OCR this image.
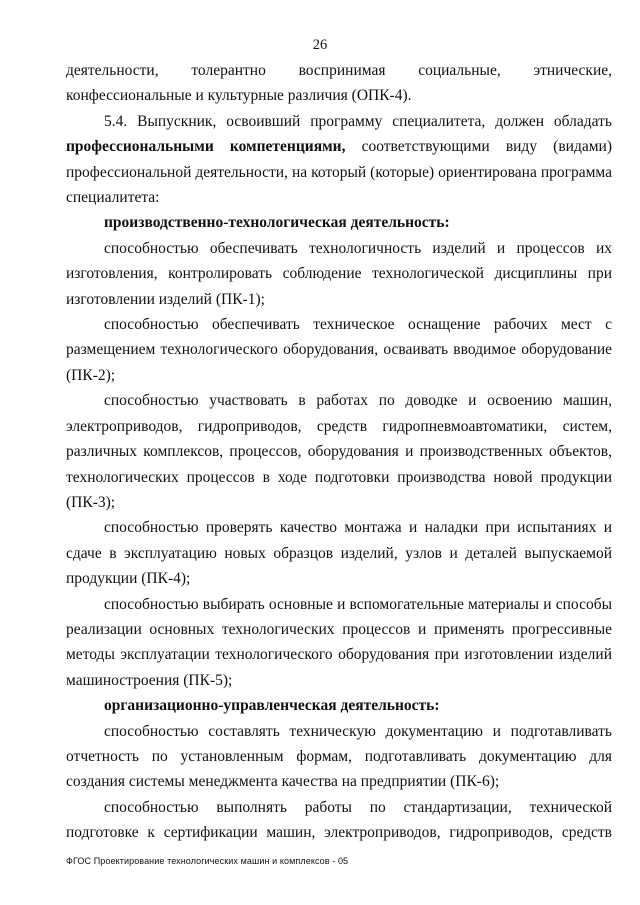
26

деятельности, толерантно воспринимая социальные, этнические, конфессиональные и культурные различия (ОПК-4).

5.4. Выпускник, освоивший программу специалитета, должен обладать профессиональными компетенциями, соответствующими виду (видами) профессиональной деятельности, на который (которые) ориентирована программа специалитета:

производственно-технологическая деятельность:

способностью обеспечивать технологичность изделий и процессов их изготовления, контролировать соблюдение технологической дисциплины при изготовлении изделий (ПК-1);

способностью обеспечивать техническое оснащение рабочих мест с размещением технологического оборудования, осваивать вводимое оборудование (ПК-2);

способностью участвовать в работах по доводке и освоению машин, электроприводов, гидроприводов, средств гидропневмоавтоматики, систем, различных комплексов, процессов, оборудования и производственных объектов, технологических процессов в ходе подготовки производства новой продукции (ПК-3);

способностью проверять качество монтажа и наладки при испытаниях и сдаче в эксплуатацию новых образцов изделий, узлов и деталей выпускаемой продукции (ПК-4);

способностью выбирать основные и вспомогательные материалы и способы реализации основных технологических процессов и применять прогрессивные методы эксплуатации технологического оборудования при изготовлении изделий машиностроения (ПК-5);

организационно-управленческая деятельность:

способностью составлять техническую документацию и подготавливать отчетность по установленным формам, подготавливать документацию для создания системы менеджмента качества на предприятии (ПК-6);

способностью выполнять работы по стандартизации, технической подготовке к сертификации машин, электроприводов, гидроприводов, средств

ФГОС Проектирование технологических машин и комплексов - 05
